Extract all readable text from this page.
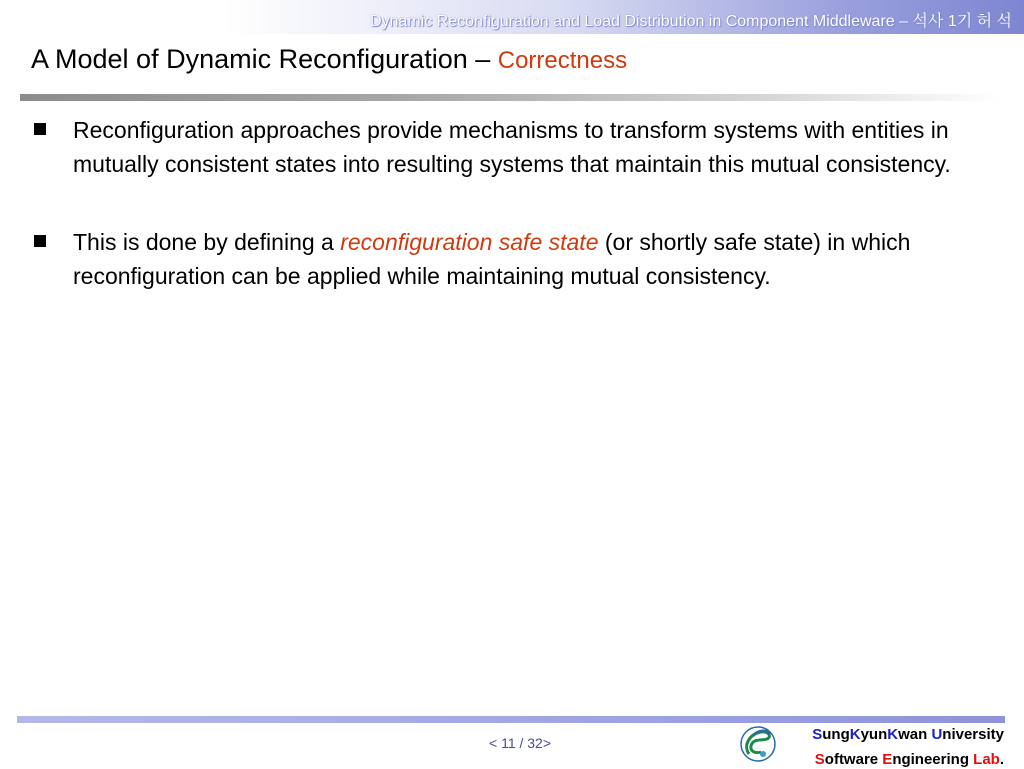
Dynamic Reconfiguration and Load Distribution in Component Middleware – 석사 1기 허 석
A Model of Dynamic Reconfiguration – Correctness
Reconfiguration approaches provide mechanisms to transform systems with entities in mutually consistent states into resulting systems that maintain this mutual consistency.
This is done by defining a reconfiguration safe state (or shortly safe state) in which reconfiguration can be applied while maintaining mutual consistency.
< 11 / 32>	SungKyunKwan University
Software Engineering Lab.
